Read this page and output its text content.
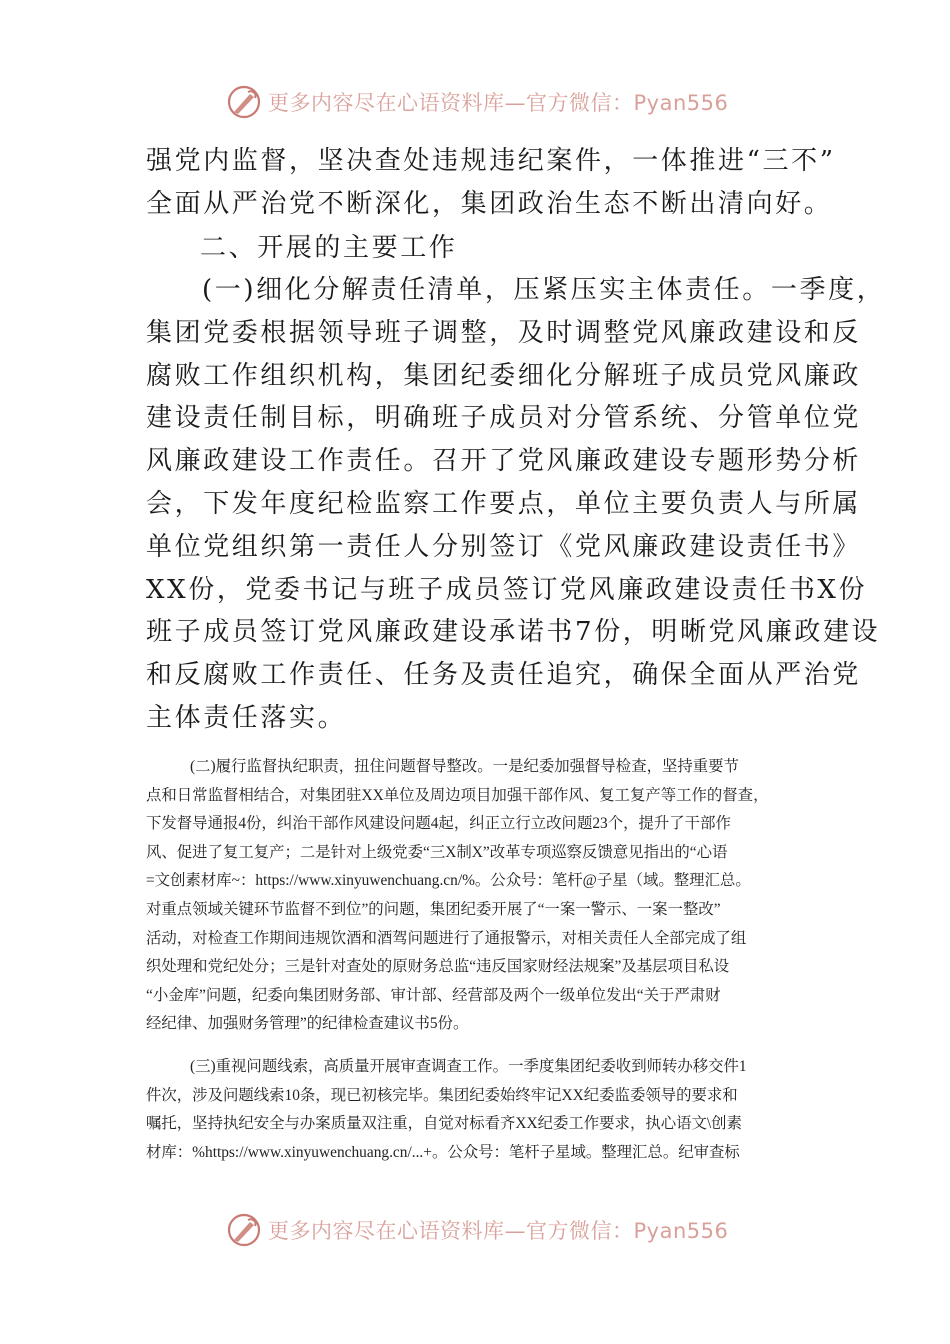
更多内容尽在心语资料库—官方微信：Pyan556

强党内监督，坚决查处违规违纪案件，一体推进“三不”

全面从严治党不断深化，集团政治生态不断出清向好。

二、开展的主要工作

(一)细化分解责任清单，压紧压实主体责任。一季度，

集团党委根据领导班子调整，及时调整党风廉政建设和反

腐败工作组织机构，集团纪委细化分解班子成员党风廉政

建设责任制目标，明确班子成员对分管系统、分管单位党

风廉政建设工作责任。召开了党风廉政建设专题形势分析

会，下发年度纪检监察工作要点，单位主要负责人与所属

单位党组织第一责任人分别签订《党风廉政建设责任书》

XX份，党委书记与班子成员签订党风廉政建设责任书X份

班子成员签订党风廉政建设承诺书7份，明晰党风廉政建设

和反腐败工作责任、任务及责任追究，确保全面从严治党

主体责任落实。

(二)履行监督执纪职责，扭住问题督导整改。一是纪委加强督导检查，坚持重要节

点和日常监督相结合，对集团驻XX单位及周边项目加强干部作风、复工复产等工作的督查，

下发督导通报4份，纠治干部作风建设问题4起，纠正立行立改问题23个，提升了干部作

风、促进了复工复产；二是针对上级党委“三X制X”改革专项巡察反馈意见指出的“心语

=文创素材库~：https://www.xinyuwenchuang.cn/%。公众号：笔杆@子星（域。整理汇总。

对重点领域关键环节监督不到位”的问题，集团纪委开展了“一案一警示、一案一整改”

活动，对检查工作期间违规饮酒和酒驾问题进行了通报警示，对相关责任人全部完成了组

织处理和党纪处分；三是针对查处的原财务总监“违反国家财经法规案”及基层项目私设

“小金库”问题，纪委向集团财务部、审计部、经营部及两个一级单位发出“关于严肃财

经纪律、加强财务管理”的纪律检查建议书5份。

(三)重视问题线索，高质量开展审查调查工作。一季度集团纪委收到师转办移交件1

件次，涉及问题线索10条，现已初核完毕。集团纪委始终牢记XX纪委监委领导的要求和

嘱托，坚持执纪安全与办案质量双注重，自觉对标看齐XX纪委工作要求，执心语文\创素

材库：%https://www.xinyuwenchuang.cn/...+。公众号：笔杆子星域。整理汇总。纪审查标

更多内容尽在心语资料库—官方微信：Pyan556
